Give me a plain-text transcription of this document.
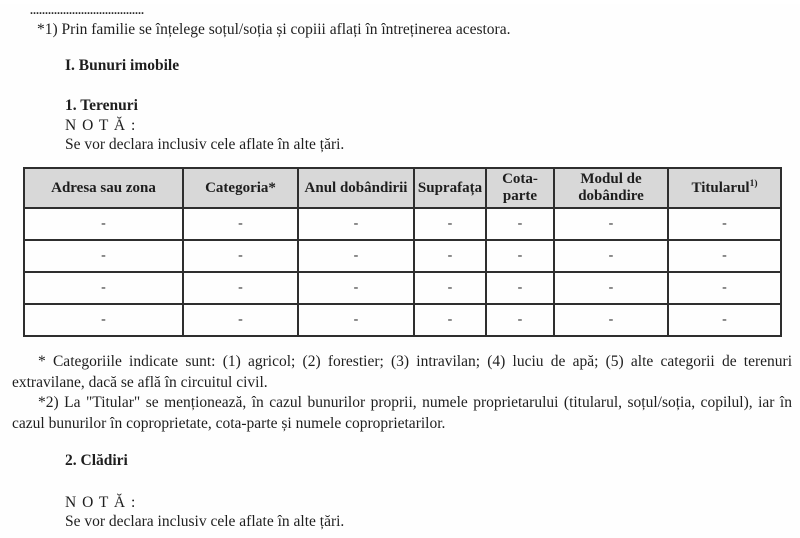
......................................

*1) Prin familie se înțelege soțul/soția și copiii aflați în întreținerea acestora.

I. Bunuri imobile
1. Terenuri
N O T Ă :
Se vor declara inclusiv cele aflate în alte țări.
Adresa sau zona	Categoria*	Anul dobândirii	Suprafața	Cota-parte	Modul de dobândire	Titularul$^{1)}$
-	-	-	-	-	-	-
-	-	-	-	-	-	-
-	-	-	-	-	-	-
-	-	-	-	-	-	-

* Categoriile indicate sunt: (1) agricol; (2) forestier; (3) intravilan; (4) luciu de apă; (5) alte categorii de terenuri extravilane, dacă se află în circuitul civil.

*2) La "Titular" se menționează, în cazul bunurilor proprii, numele proprietarului (titularul, soțul/soția, copilul), iar în cazul bunurilor în coproprietate, cota-parte și numele coproprietarilor.

2. Clădiri
N O T Ă :
Se vor declara inclusiv cele aflate în alte țări.
